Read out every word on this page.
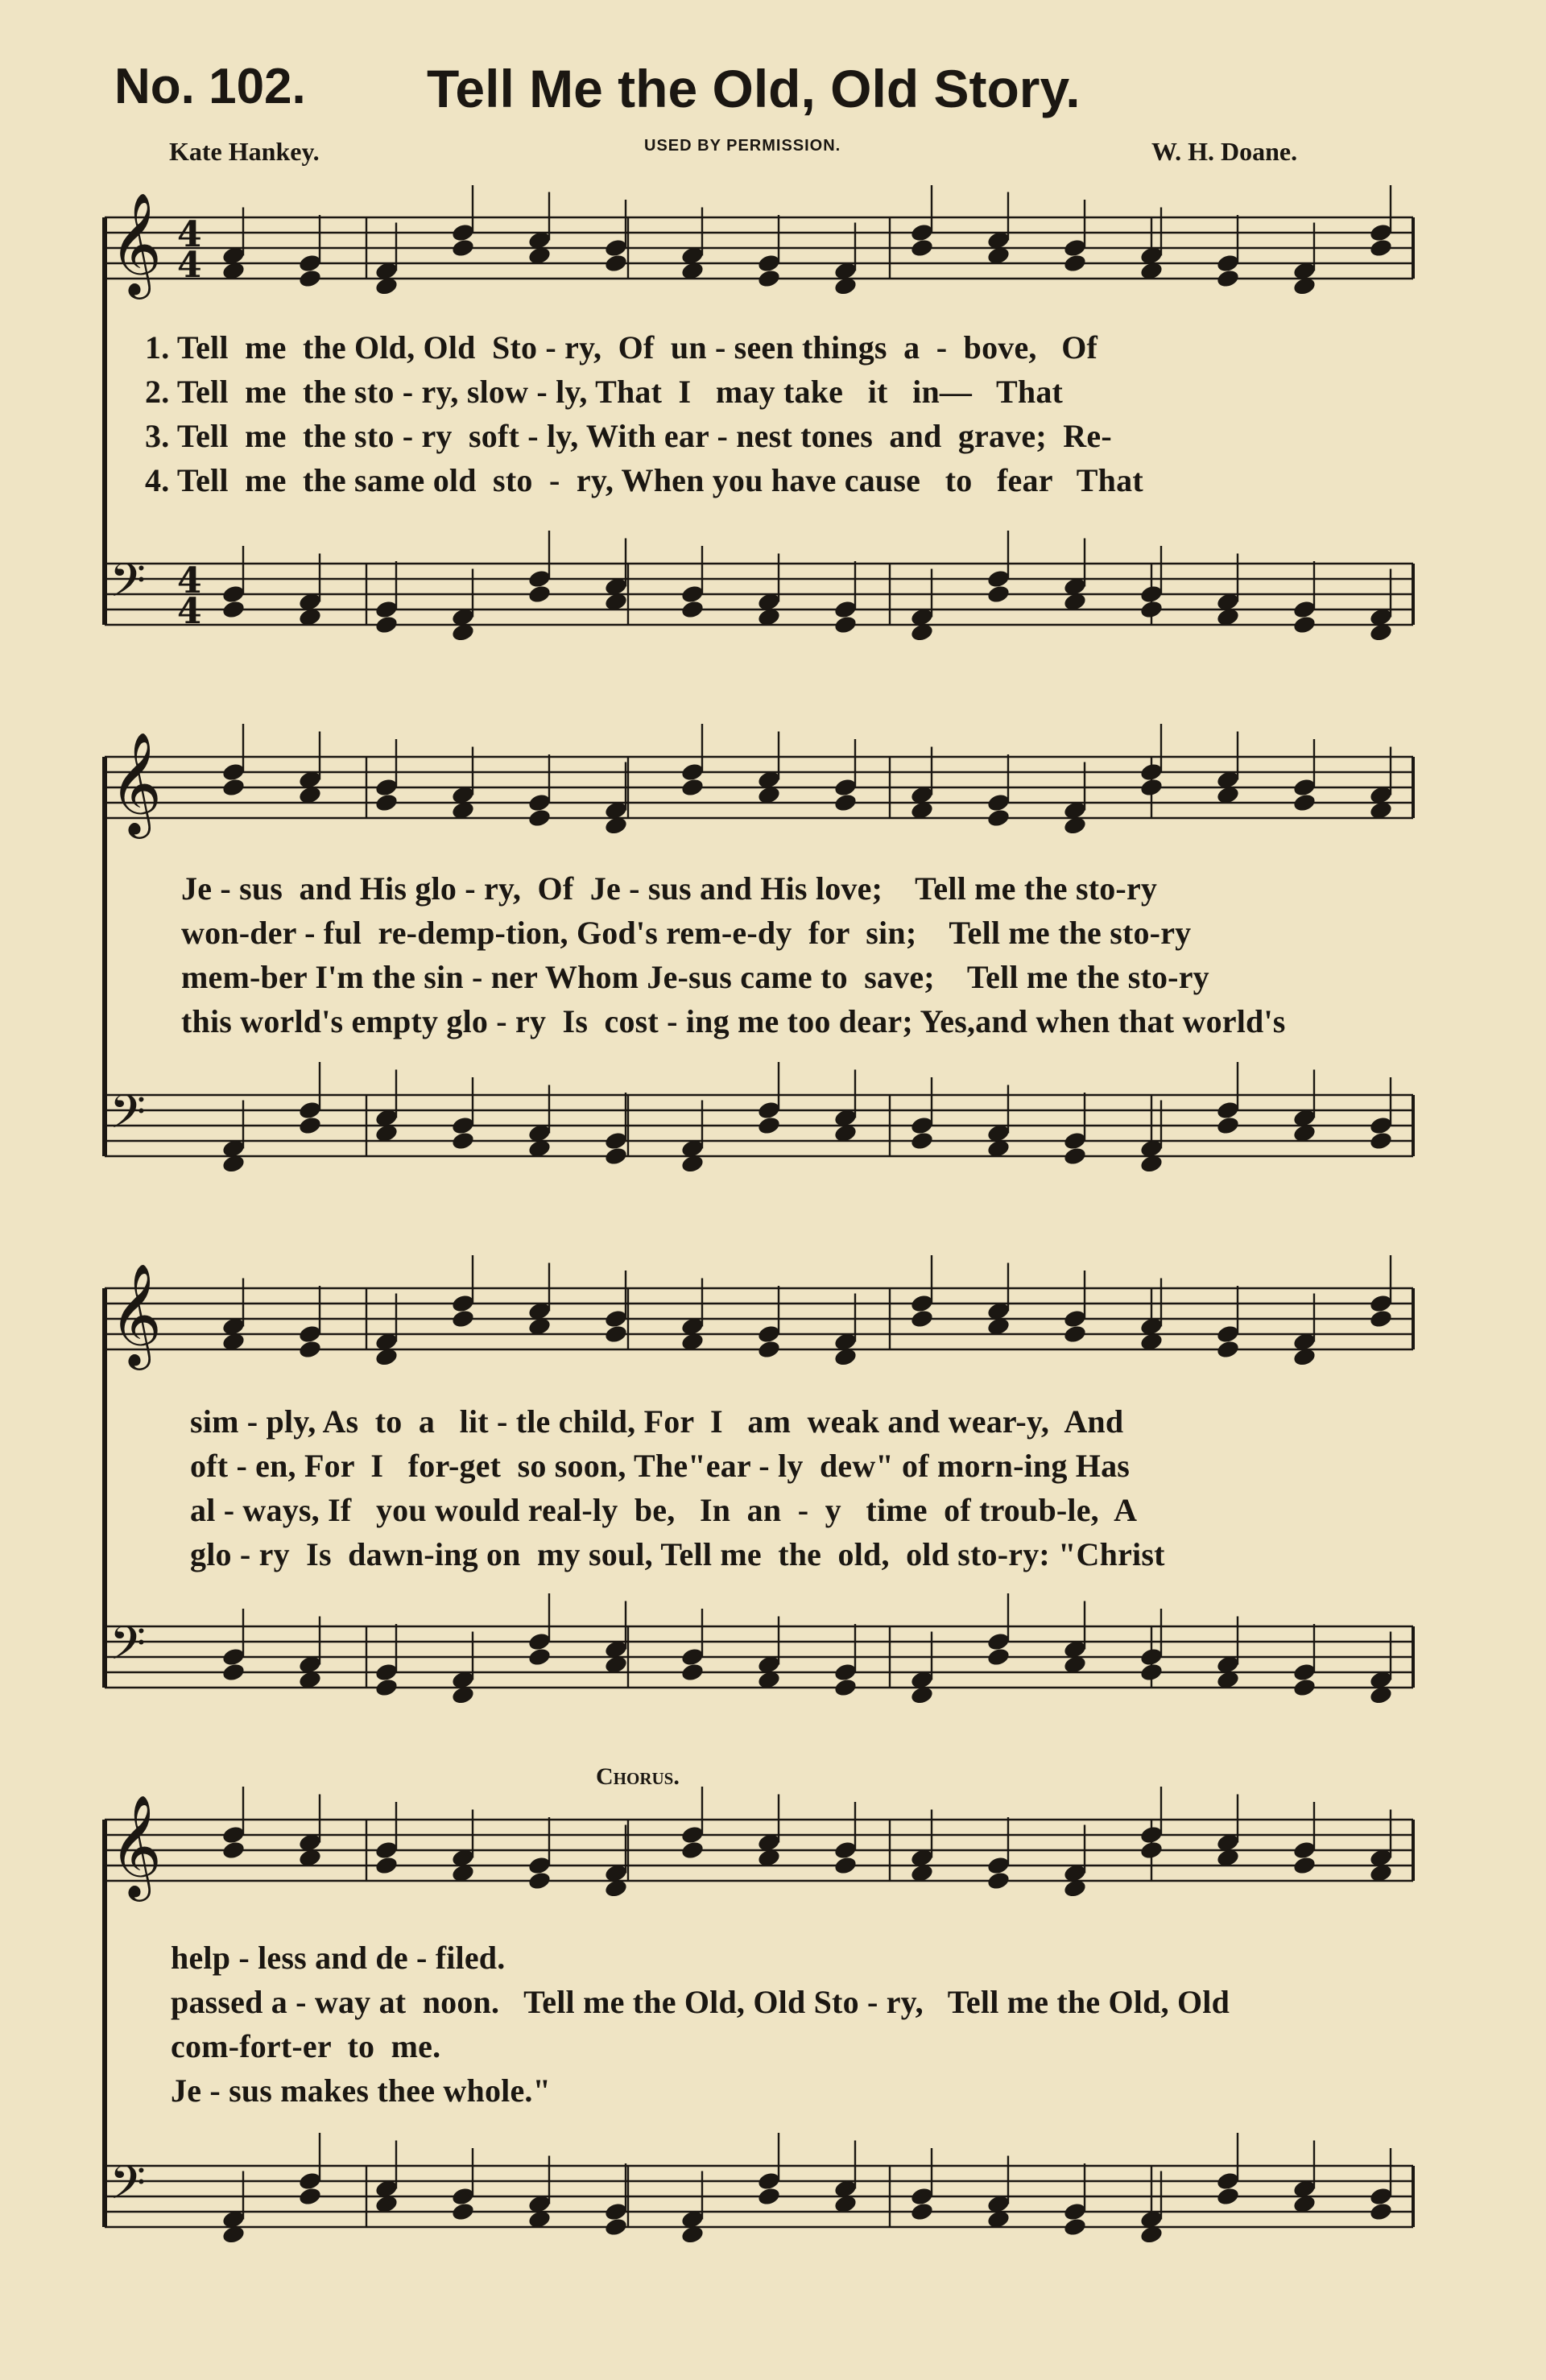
No. 102. Tell Me the Old, Old Story.
Kate Hankey.	USED BY PERMISSION.	W. H. Doane.
𝄞
𝄢
4
4
4
4
1. Tell  me  the Old, Old  Sto - ry,  Of  un - seen things  a  -  bove,   Of
2. Tell  me  the sto - ry, slow - ly, That  I   may take   it   in—   That
3. Tell  me  the sto - ry  soft - ly, With ear - nest tones  and  grave;  Re-
4. Tell  me  the same old  sto  -  ry, When you have cause   to   fear   That
𝄞
𝄢
Je - sus  and His glo - ry,  Of  Je - sus and His love;    Tell me the sto-ry
won-der - ful  re-demp-tion, God's rem-e-dy  for  sin;    Tell me the sto-ry
mem-ber I'm the sin - ner Whom Je-sus came to  save;    Tell me the sto-ry
this world's empty glo - ry  Is  cost - ing me too dear; Yes,and when that world's
𝄞
𝄢
sim - ply, As  to  a   lit - tle child, For  I   am  weak and wear-y,  And
oft - en, For  I   for-get  so soon, The"ear - ly  dew" of morn-ing Has
al - ways, If   you would real-ly  be,   In  an  -  y   time  of troub-le,  A
glo - ry  Is  dawn-ing on  my soul, Tell me  the  old,  old sto-ry: "Christ
Chorus.
𝄞
𝄢
help - less and de - filed.
passed a - way at  noon.   Tell me the Old, Old Sto - ry,   Tell me the Old, Old
com-fort-er  to  me.
Je - sus makes thee whole."
